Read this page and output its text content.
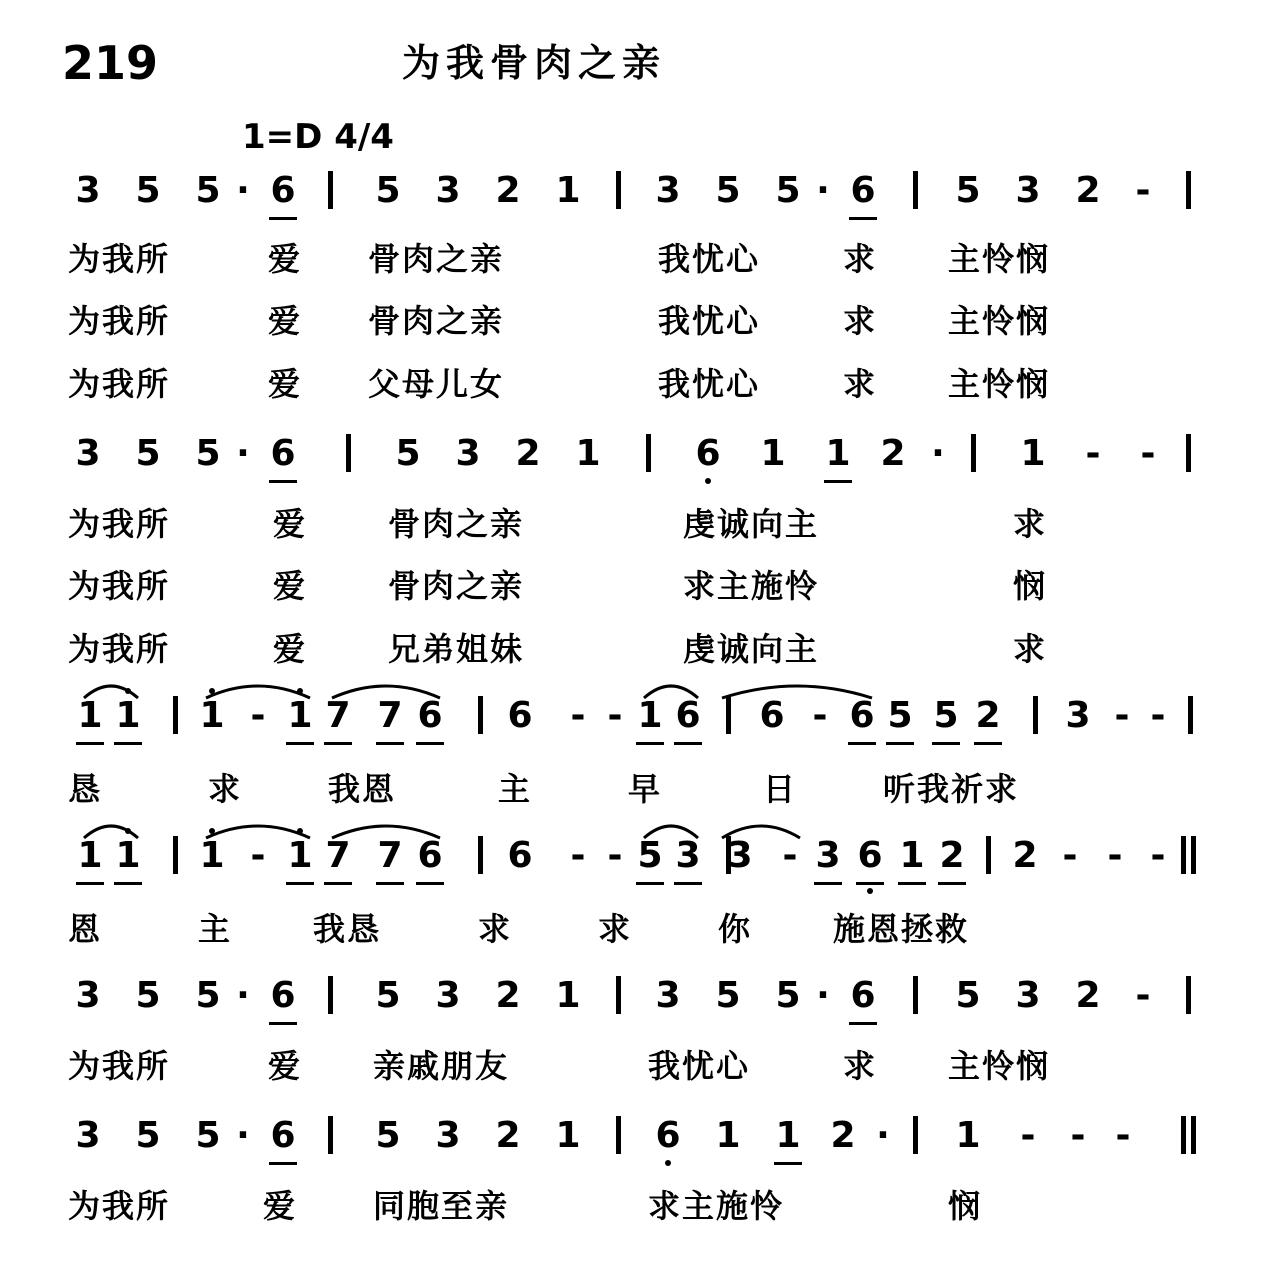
219	为我骨肉之亲
1=D 4/4
3 5 5 · 6 5 3 2 1 3 5 5 · 6 5 3 2 -
为我所	爱 骨肉之亲	我忧心	求 主怜悯
为我所	爱 骨肉之亲	我忧心	求 主怜悯
为我所	爱 父母儿女	我忧心	求 主怜悯
3 5 5 · 6	5 3 2 1	6 1 1 2 · 1 - -
为我所	爱	骨肉之亲	虔诚向主	求
为我所	爱	骨肉之亲	求主施怜	悯
为我所	爱	兄弟姐妹	虔诚向主	求
1 1 1 - 1 7 7 6 6 - - 1 6 6 - 6 5 5 2 3 - -
恳	求	我恩	主	早	日	听我祈求
1 1 1 - 1 7 7 6 6 - - 5 3 3 - 3 6 1 2 2 - - -
恩	主	我恳	求	求	你	施恩拯救
3 5 5 · 6 5 3 2 1 3 5 5 · 6 5 3 2 -
为我所	爱 亲戚朋友	我忧心	求 主怜悯
3 5 5 · 6 5 3 2 1 6 1 1 2 · 1 - - -
为我所	爱 同胞至亲	求主施怜	悯
